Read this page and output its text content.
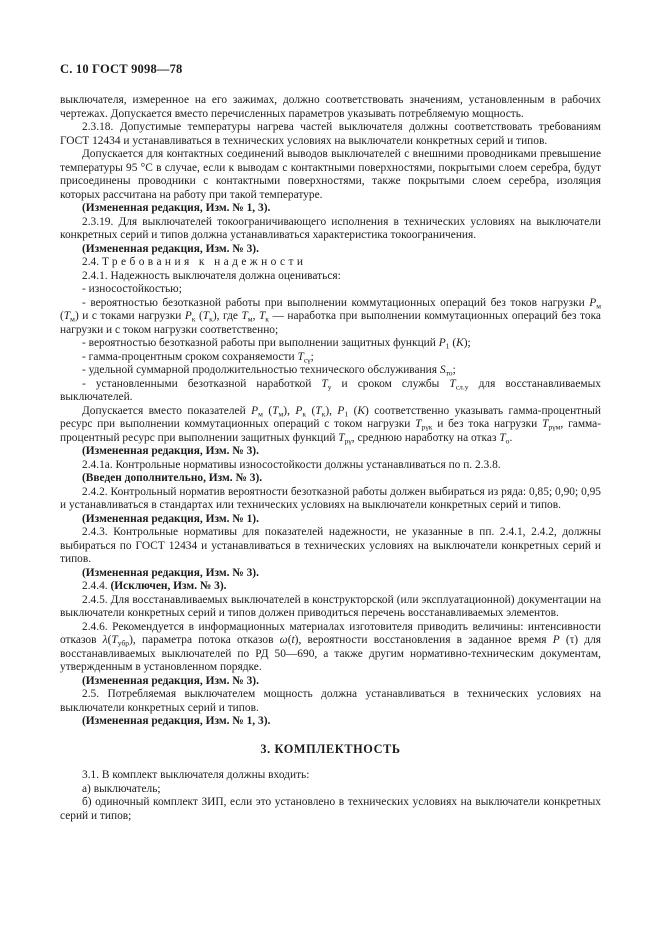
С. 10 ГОСТ 9098—78

выключателя, измеренное на его зажимах, должно соответствовать значениям, установленным в рабочих чертежах. Допускается вместо перечисленных параметров указывать потребляемую мощность.

2.3.18. Допустимые температуры нагрева частей выключателя должны соответствовать требованиям ГОСТ 12434 и устанавливаться в технических условиях на выключатели конкретных серий и типов.

Допускается для контактных соединений выводов выключателей с внешними проводниками превышение температуры 95 °С в случае, если к выводам с контактными поверхностями, покрытыми слоем серебра, будут присоединены проводники с контактными поверхностями, также покрытыми слоем серебра, изоляция которых рассчитана на работу при такой температуре.

(Измененная редакция, Изм. № 1, 3).

2.3.19. Для выключателей токоограничивающего исполнения в технических условиях на выключатели конкретных серий и типов должна устанавливаться характеристика токоограничения.

(Измененная редакция, Изм. № 3).

2.4. Требования к надежности

2.4.1. Надежность выключателя должна оцениваться:

- износостойкостью;

- вероятностью безотказной работы при выполнении коммутационных операций без токов нагрузки $Р_м$ $(Т_м)$ и с токами нагрузки $Р_к$ $(Т_к)$, где $Т_м$, $Т_к$ — наработка при выполнении коммутационных операций без тока нагрузки и с током нагрузки соответственно;

- вероятностью безотказной работы при выполнении защитных функций $Р_1$ (К);

- гамма-процентным сроком сохраняемости $Т_{с\gamma}$;

- удельной суммарной продолжительностью технического обслуживания $S_{то}$;

- установленными безотказной наработкой $Т_у$ и сроком службы $Т_{сл.у}$ для восстанавливаемых выключателей.

Допускается вместо показателей $Р_м$ $(Т_м)$, $Р_к$ $(Т_к)$, $Р_1$ (К) соответственно указывать гамма-процентный ресурс при выполнении коммутационных операций с током нагрузки $Т_{р\gamma к}$ и без тока нагрузки $Т_{р\gamma м}$, гамма-процентный ресурс при выполнении защитных функций $Т_{р\gamma}$, среднюю наработку на отказ $Т_о$.

(Измененная редакция, Изм. № 3).

2.4.1а. Контрольные нормативы износостойкости должны устанавливаться по п. 2.3.8.

(Введен дополнительно, Изм. № 3).

2.4.2. Контрольный норматив вероятности безотказной работы должен выбираться из ряда: 0,85; 0,90; 0,95 и устанавливаться в стандартах или технических условиях на выключатели конкретных серий и типов.

(Измененная редакция, Изм. № 1).

2.4.3. Контрольные нормативы для показателей надежности, не указанные в пп. 2.4.1, 2.4.2, должны выбираться по ГОСТ 12434 и устанавливаться в технических условиях на выключатели конкретных серий и типов.

(Измененная редакция, Изм. № 3).

2.4.4. (Исключен, Изм. № 3).

2.4.5. Для восстанавливаемых выключателей в конструкторской (или эксплуатационной) документации на выключатели конкретных серий и типов должен приводиться перечень восстанавливаемых элементов.

2.4.6. Рекомендуется в информационных материалах изготовителя приводить величины: интенсивности отказов $\lambda(Т_{убр})$, параметра потока отказов ω(t), вероятности восстановления в заданное время Р (τ) для восстанавливаемых выключателей по РД 50—690, а также другим нормативно-техническим документам, утвержденным в установленном порядке.

(Измененная редакция, Изм. № 3).

2.5. Потребляемая выключателем мощность должна устанавливаться в технических условиях на выключатели конкретных серий и типов.

(Измененная редакция, Изм. № 1, 3).

3. КОМПЛЕКТНОСТЬ

3.1. В комплект выключателя должны входить:

а) выключатель;

б) одиночный комплект ЗИП, если это установлено в технических условиях на выключатели конкретных серий и типов;
